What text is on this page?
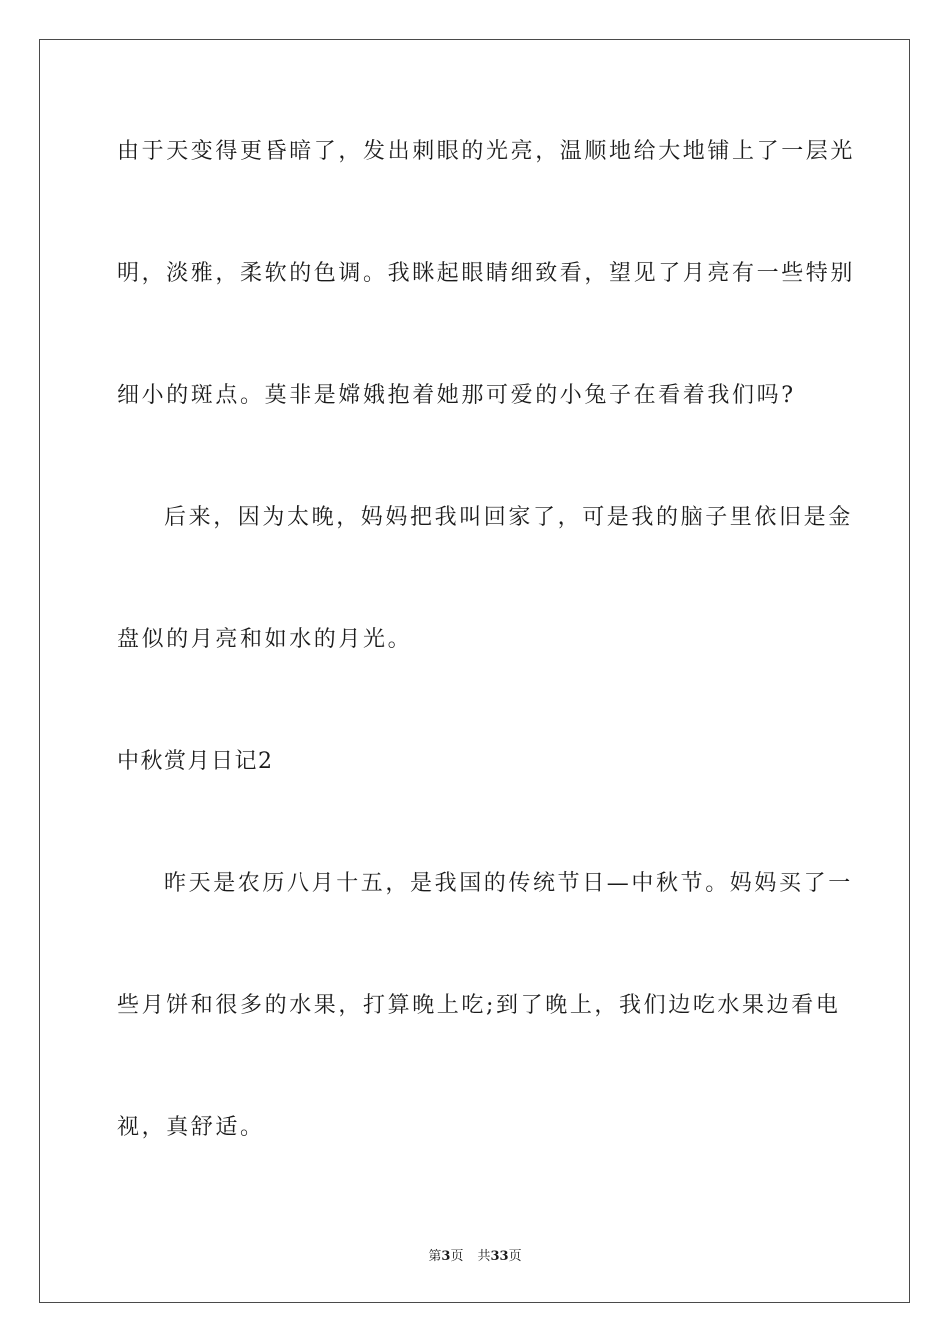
由于天变得更昏暗了，发出刺眼的光亮，温顺地给大地铺上了一层光
明，淡雅，柔软的色调。我眯起眼睛细致看，望见了月亮有一些特别
细小的斑点。莫非是嫦娥抱着她那可爱的小兔子在看着我们吗?
后来，因为太晚，妈妈把我叫回家了，可是我的脑子里依旧是金
盘似的月亮和如水的月光。
中秋赏月日记2
昨天是农历八月十五，是我国的传统节日—中秋节。妈妈买了一
些月饼和很多的水果，打算晚上吃;到了晚上，我们边吃水果边看电
视，真舒适。
第3页 共33页
